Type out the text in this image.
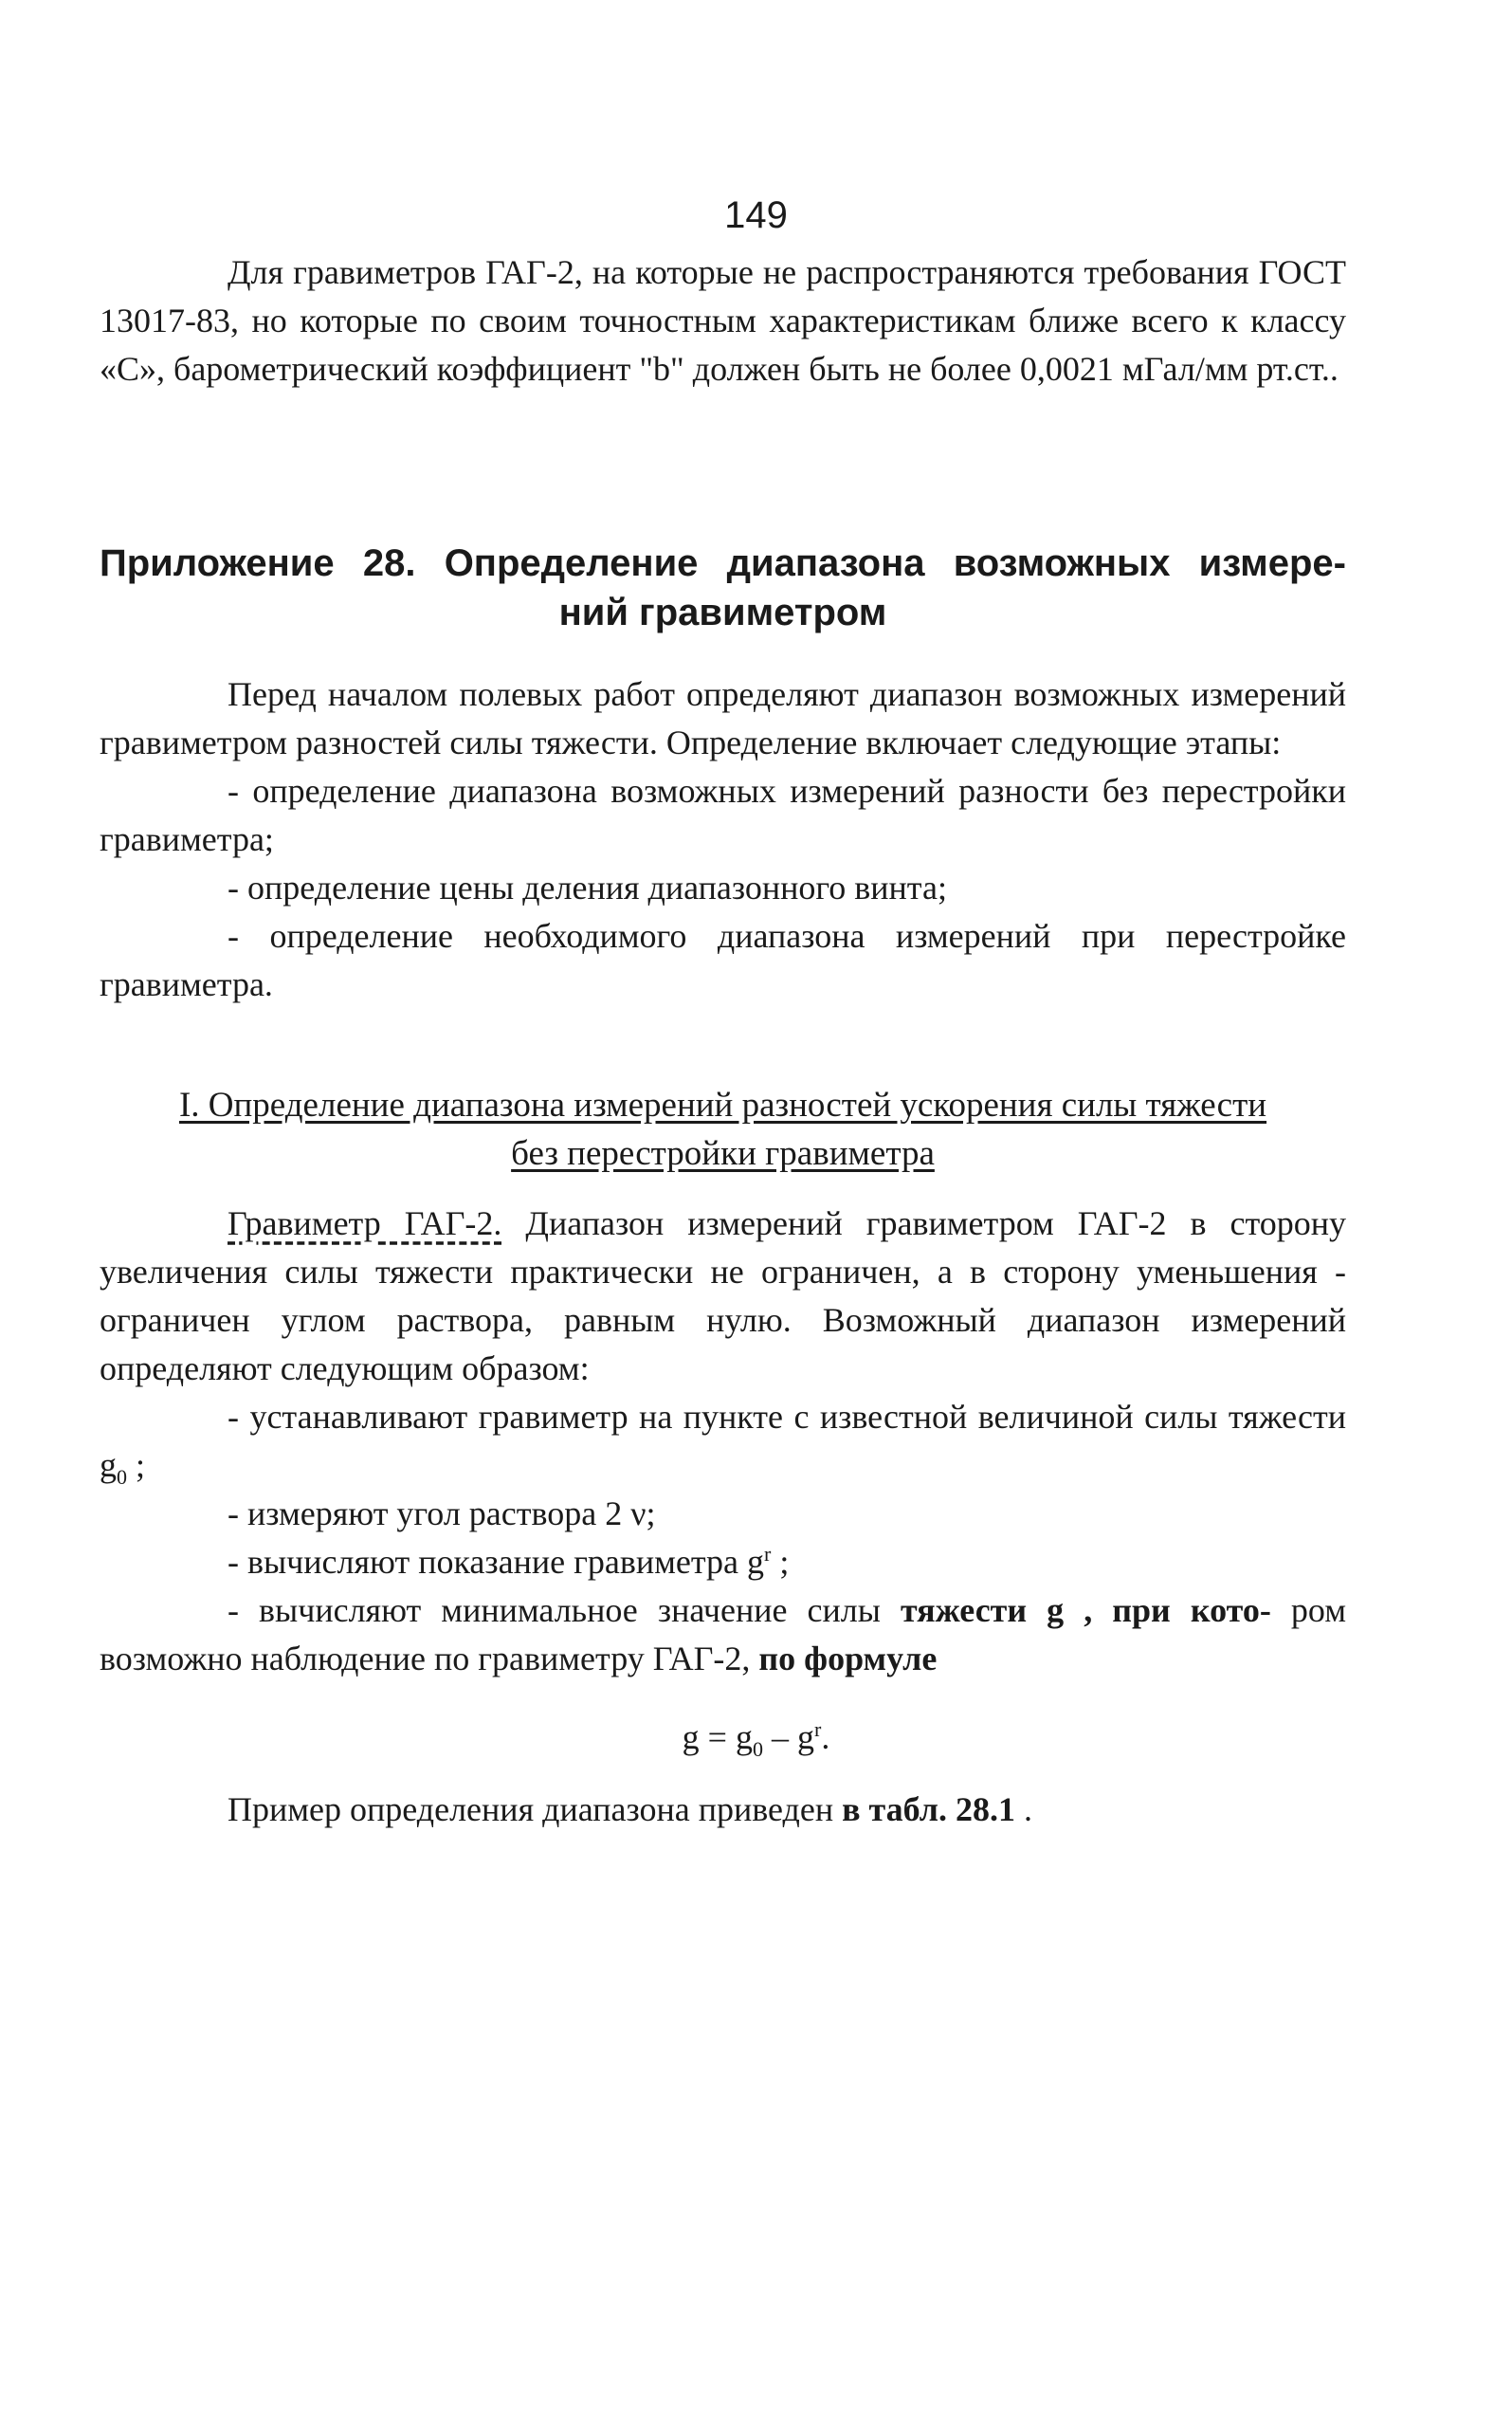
149

Для гравиметров ГАГ-2, на которые не распространяются требования ГОСТ 13017-83, но которые по своим точностным характеристикам ближе всего к классу «С», барометрический коэффициент "b" должен быть не более 0,0021 мГал/мм рт.ст..

Приложение 28. Определение диапазона возможных измере-
ний гравиметром

Перед началом полевых работ определяют диапазон возможных измерений гравиметром разностей силы тяжести. Определение включает следующие этапы:

- определение диапазона возможных измерений разности без перестройки гравиметра;

- определение цены деления диапазонного винта;

- определение необходимого диапазона измерений при перестройке гравиметра.

I. Определение диапазона измерений разностей ускорения силы тяжести
без перестройки гравиметра

Гравиметр ГАГ-2. Диапазон измерений гравиметром ГАГ-2 в сторону увеличения силы тяжести практически не ограничен, а в сторону уменьшения - ограничен углом раствора, равным нулю. Возможный диапазон измерений определяют следующим образом:

- устанавливают гравиметр на пункте с известной величиной силы тяжести $g_0$ ;

- измеряют угол раствора 2 ν;

- вычисляют показание гравиметра $g^r$ ;

- вычисляют минимальное значение силы тяжести g , при кото- ром возможно наблюдение по гравиметру ГАГ-2, по формуле

$g = g_0 - g^r$.

Пример определения диапазона приведен в табл. 28.1 .
